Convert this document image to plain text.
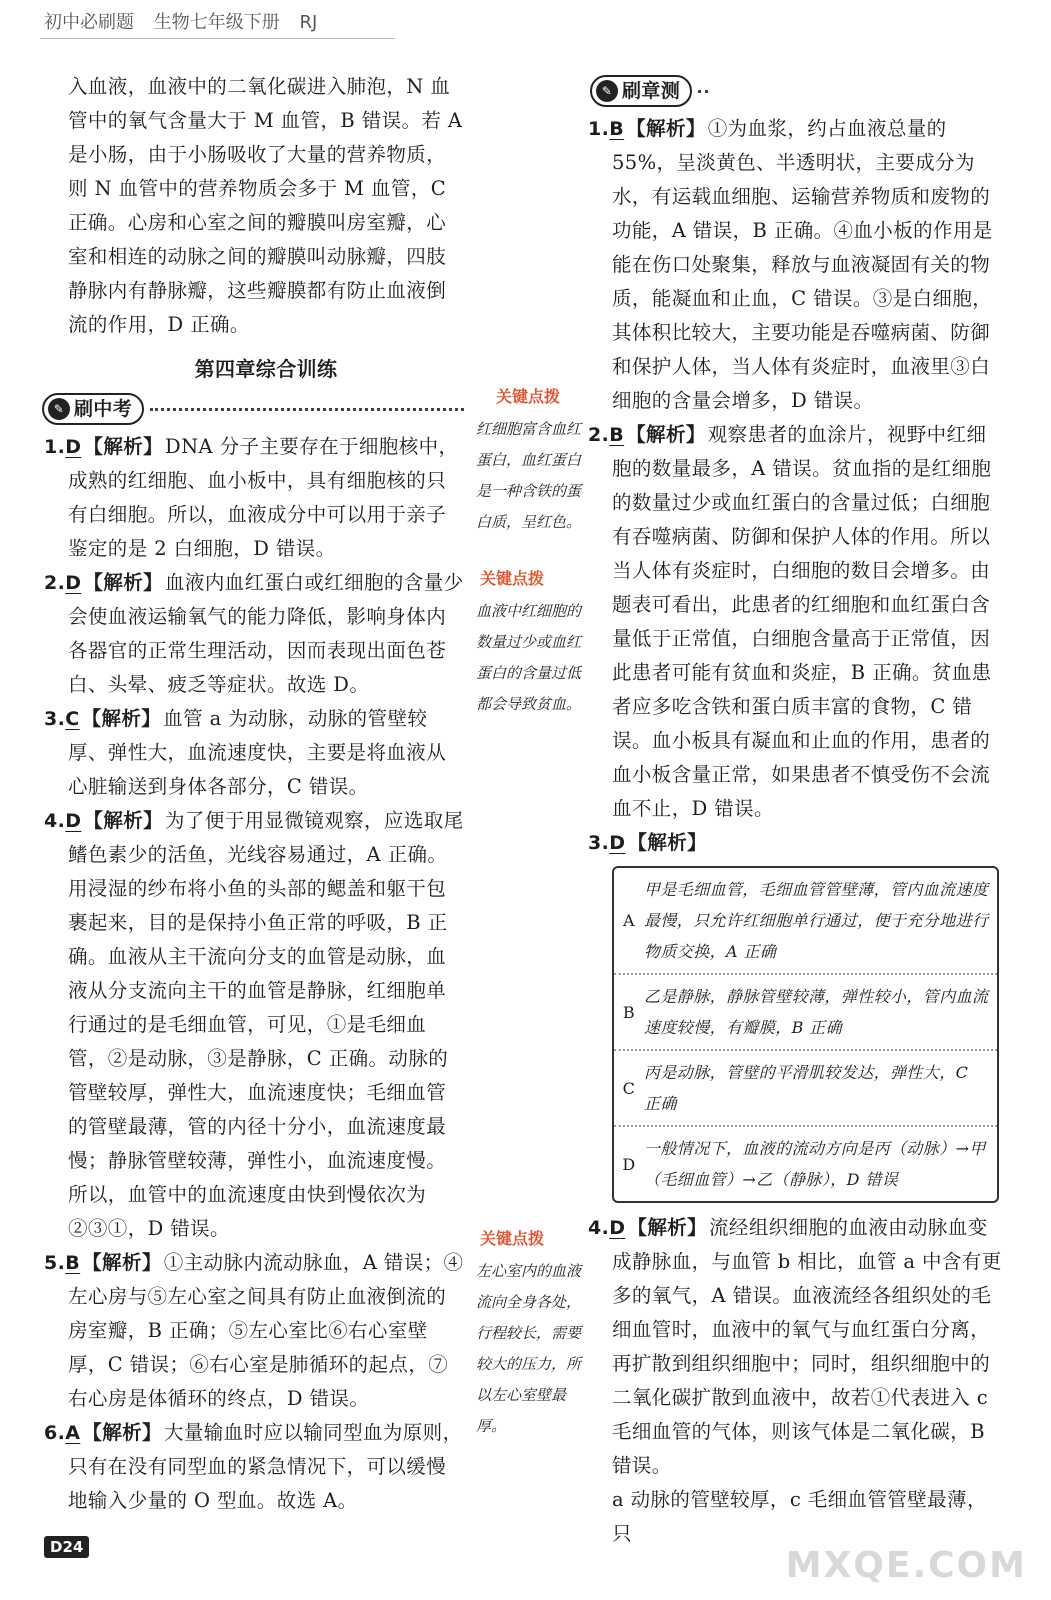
初中必刷题 生物七年级下册 RJ

入血液，血液中的二氧化碳进入肺泡，N 血管中的氧气含量大于 M 血管，B 错误。若 A 是小肠，由于小肠吸收了大量的营养物质，则 N 血管中的营养物质会多于 M 血管，C 正确。心房和心室之间的瓣膜叫房室瓣，心室和相连的动脉之间的瓣膜叫动脉瓣，四肢静脉内有静脉瓣，这些瓣膜都有防止血液倒流的作用，D 正确。

第四章综合训练
✎ 刷中考

1.D 【解析】 DNA 分子主要存在于细胞核中，成熟的红细胞、血小板中，具有细胞核的只有白细胞。所以，血液成分中可以用于亲子鉴定的是 2 白细胞，D 错误。

2.D 【解析】 血液内血红蛋白或红细胞的含量少会使血液运输氧气的能力降低，影响身体内各器官的正常生理活动，因而表现出面色苍白、头晕、疲乏等症状。故选 D。

3.C 【解析】 血管 a 为动脉，动脉的管壁较厚、弹性大，血流速度快，主要是将血液从心脏输送到身体各部分，C 错误。

4.D 【解析】 为了便于用显微镜观察，应选取尾鳍色素少的活鱼，光线容易通过，A 正确。用浸湿的纱布将小鱼的头部的鳃盖和躯干包裹起来，目的是保持小鱼正常的呼吸，B 正确。血液从主干流向分支的血管是动脉，血液从分支流向主干的血管是静脉，红细胞单行通过的是毛细血管，可见，①是毛细血管，②是动脉，③是静脉，C 正确。动脉的管壁较厚，弹性大，血流速度快；毛细血管的管壁最薄，管的内径十分小，血流速度最慢；静脉管壁较薄，弹性小，血流速度慢。所以，血管中的血流速度由快到慢依次为②③①，D 错误。

5.B 【解析】 ①主动脉内流动脉血，A 错误；④左心房与⑤左心室之间具有防止血液倒流的房室瓣，B 正确；⑤左心室比⑥右心室壁厚，C 错误；⑥右心室是肺循环的起点，⑦右心房是体循环的终点，D 错误。

6.A 【解析】 大量输血时应以输同型血为原则，只有在没有同型血的紧急情况下，可以缓慢地输入少量的 O 型血。故选 A。

关键点拨
红细胞富含血红蛋白，血红蛋白是一种含铁的蛋白质，呈红色。
关键点拨
血液中红细胞的数量过少或血红蛋白的含量过低都会导致贫血。
关键点拨
左心室内的血液流向全身各处，行程较长，需要较大的压力，所以左心室壁最厚。
✎ 刷章测

1.B 【解析】 ①为血浆，约占血液总量的 55%，呈淡黄色、半透明状，主要成分为水，有运载血细胞、运输营养物质和废物的功能，A 错误，B 正确。④血小板的作用是能在伤口处聚集，释放与血液凝固有关的物质，能凝血和止血，C 错误。③是白细胞，其体积比较大，主要功能是吞噬病菌、防御和保护人体，当人体有炎症时，血液里③白细胞的含量会增多，D 错误。

2.B 【解析】 观察患者的血涂片，视野中红细胞的数量最多，A 错误。贫血指的是红细胞的数量过少或血红蛋白的含量过低；白细胞有吞噬病菌、防御和保护人体的作用。所以当人体有炎症时，白细胞的数目会增多。由题表可看出，此患者的红细胞和血红蛋白含量低于正常值，白细胞含量高于正常值，因此患者可能有贫血和炎症，B 正确。贫血患者应多吃含铁和蛋白质丰富的食物，C 错误。血小板具有凝血和止血的作用，患者的血小板含量正常，如果患者不慎受伤不会流血不止，D 错误。

3.D 【解析】

A
甲是毛细血管，毛细血管管壁薄，管内血流速度最慢，只允许红细胞单行通过，便于充分地进行物质交换，A 正确
B
乙是静脉，静脉管壁较薄，弹性较小，管内血流速度较慢，有瓣膜，B 正确
C
丙是动脉，管壁的平滑肌较发达，弹性大，C 正确
D
一般情况下，血液的流动方向是丙（动脉）→甲（毛细血管）→乙（静脉），D 错误

4.D 【解析】 流经组织细胞的血液由动脉血变成静脉血，与血管 b 相比，血管 a 中含有更多的氧气，A 错误。血液流经各组织处的毛细血管时，血液中的氧气与血红蛋白分离，再扩散到组织细胞中；同时，组织细胞中的二氧化碳扩散到血液中，故若①代表进入 c 毛细血管的气体，则该气体是二氧化碳，B 错误。

a 动脉的管壁较厚，c 毛细血管管壁最薄，只

D24	MXQE.COM
